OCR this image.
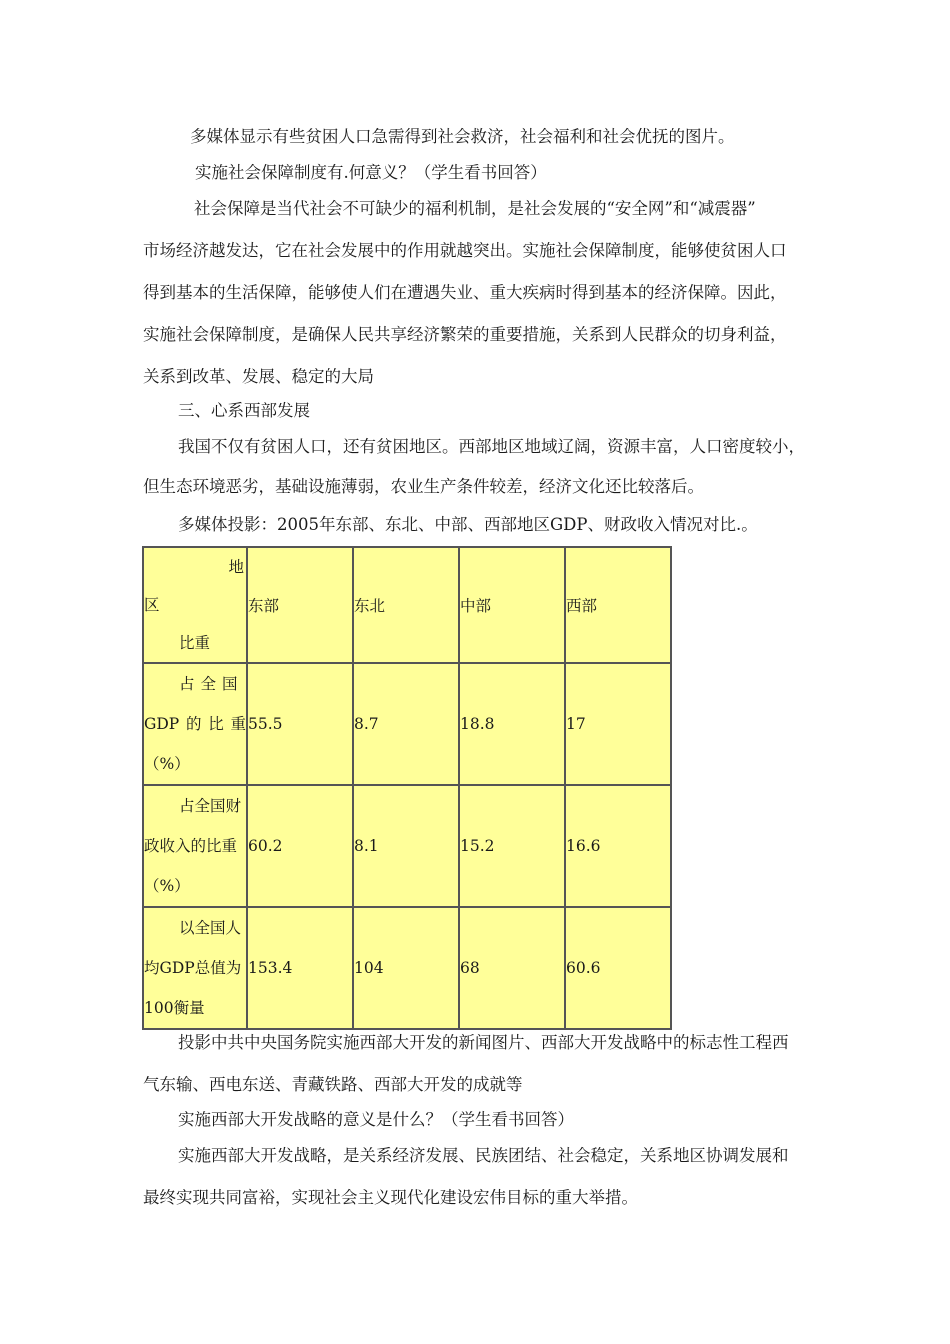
多媒体显示有些贫困人口急需得到社会救济，社会福利和社会优抚的图片。
实施社会保障制度有.何意义？（学生看书回答）
社会保障是当代社会不可缺少的福利机制，是社会发展的“安全网”和“减震器”
市场经济越发达，它在社会发展中的作用就越突出。实施社会保障制度，能够使贫困人口
得到基本的生活保障，能够使人们在遭遇失业、重大疾病时得到基本的经济保障。因此，
实施社会保障制度，是确保人民共享经济繁荣的重要措施，关系到人民群众的切身利益，
关系到改革、发展、稳定的大局
三、心系西部发展
我国不仅有贫困人口，还有贫困地区。西部地区地域辽阔，资源丰富，人口密度较小，
但生态环境恶劣，基础设施薄弱，农业生产条件较差，经济文化还比较落后。
多媒体投影：2005年东部、东北、中部、西部地区GDP、财政收入情况对比.。
地
区
比重	东部	东北	中部	西部

占全国
GDP的比重
（%）	55.5	8.7	18.8	17

占全国财
政收入的比重
（%）	60.2	8.1	15.2	16.6

以全国人
均GDP总值为
100衡量	153.4	104	68	60.6
投影中共中央国务院实施西部大开发的新闻图片、西部大开发战略中的标志性工程西
气东输、西电东送、青藏铁路、西部大开发的成就等
实施西部大开发战略的意义是什么？（学生看书回答）
实施西部大开发战略，是关系经济发展、民族团结、社会稳定，关系地区协调发展和
最终实现共同富裕，实现社会主义现代化建设宏伟目标的重大举措。
